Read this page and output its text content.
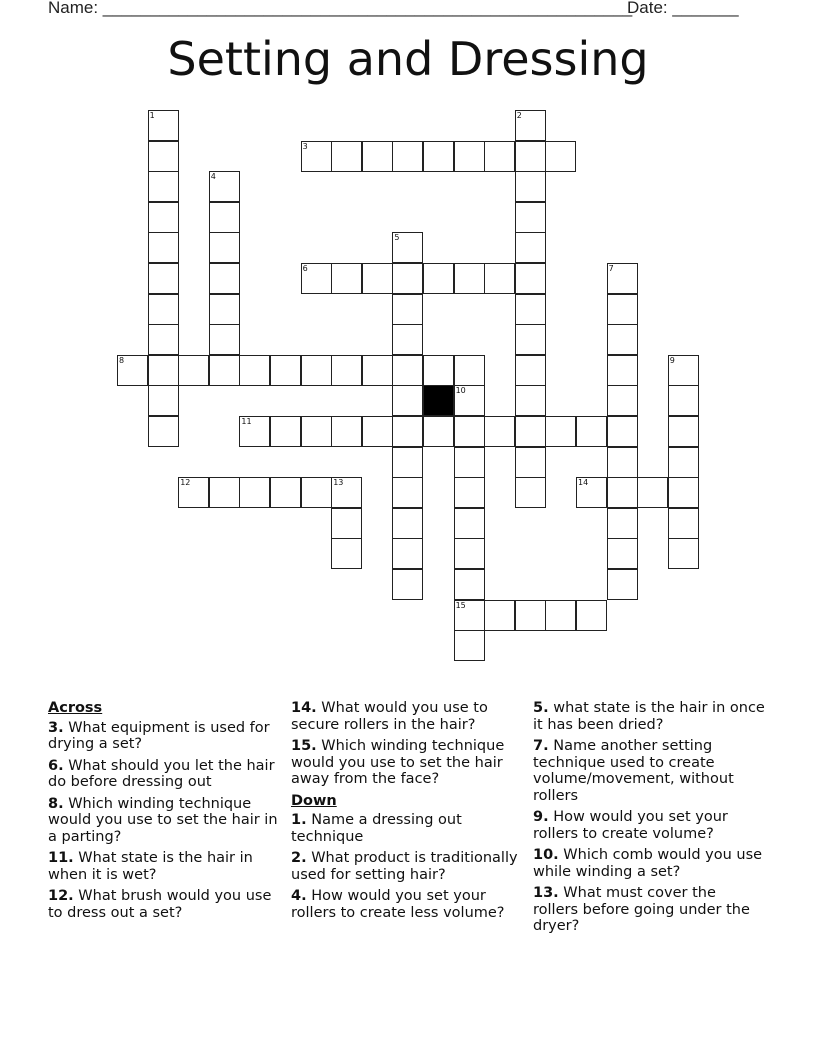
Name: ________________________________________________________
Date: _______
Setting and Dressing
1	2
3
4
5
6	7
8	9
10
15
11
12	13	14
Across
3. What equipment is used for drying a set?
6. What should you let the hair do before dressing out
8. Which winding technique would you use to set the hair in a parting?
11. What state is the hair in when it is wet?
12. What brush would you use to dress out a set?
14. What would you use to secure rollers in the hair?
15. Which winding technique would you use to set the hair away from the face?
Down
1. Name a dressing out technique
2. What product is traditionally used for setting hair?
4. How would you set your rollers to create less volume?
5. what state is the hair in once it has been dried?
7. Name another setting technique used to create volume/movement, without rollers
9. How would you set your rollers to create volume?
10. Which comb would you use while winding a set?
13. What must cover the rollers before going under the dryer?
